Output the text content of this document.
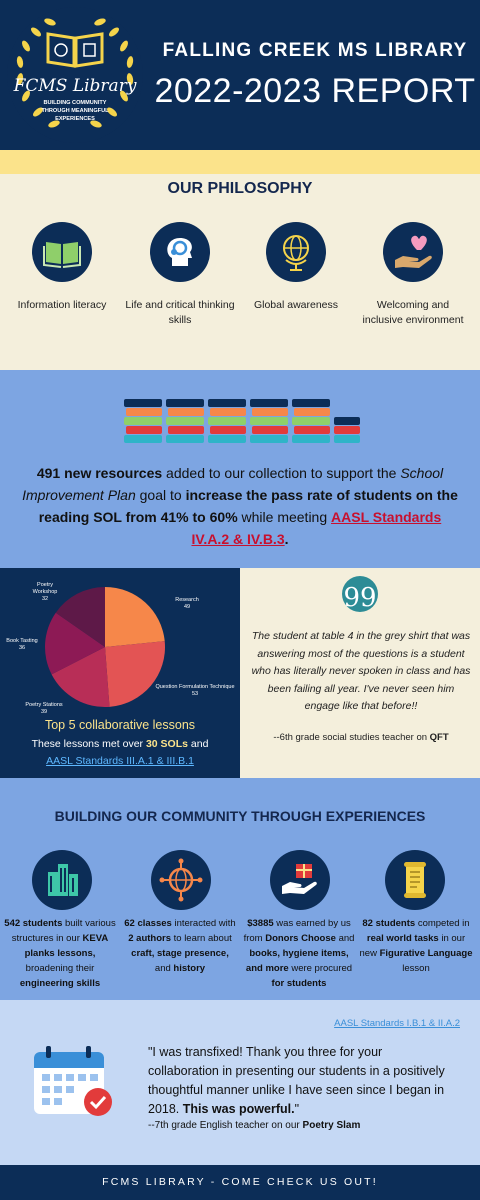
FCMS Library
BUILDING COMMUNITY
THROUGH MEANINGFUL
EXPERIENCES
FALLING CREEK MS LIBRARY
2022-2023 REPORT
OUR PHILOSOPHY
Information literacy	Life and critical thinking skills
Global awareness	Welcoming and inclusive environment
491 new resources added to our collection to support the School Improvement Plan goal to increase the pass rate of students on the reading SOL from 41% to 60% while meeting AASL Standards IV.A.2 & IV.B.3.
Poetry Workshop
32	Research
49
Question Formulation Technique
53
Poetry Stations
39
Book Tasting
36
Top 5 collaborative lessons
These lessons met over 30 SOLs and
AASL Standards III.A.1 & III.B.1
99
The student at table 4 in the grey shirt that was answering most of the questions is a student who has literally never spoken in class and has been failing all year. I've never seen him engage like that before!!
--6th grade social studies teacher on QFT
BUILDING OUR COMMUNITY THROUGH EXPERIENCES
542 students built various structures in our KEVA planks lessons, broadening their engineering skills
62 classes interacted with 2 authors to learn about craft, stage presence, and history
$3885 was earned by us from Donors Choose and books, hygiene items, and more were procured for students
82 students competed in real world tasks in our new Figurative Language lesson
AASL Standards I.B.1 & II.A.2
"I was transfixed! Thank you three for your collaboration in presenting our students in a positively thoughtful manner unlike I have seen since I began in 2018. This was powerful."
--7th grade English teacher on our Poetry Slam
FCMS LIBRARY - COME CHECK US OUT!
